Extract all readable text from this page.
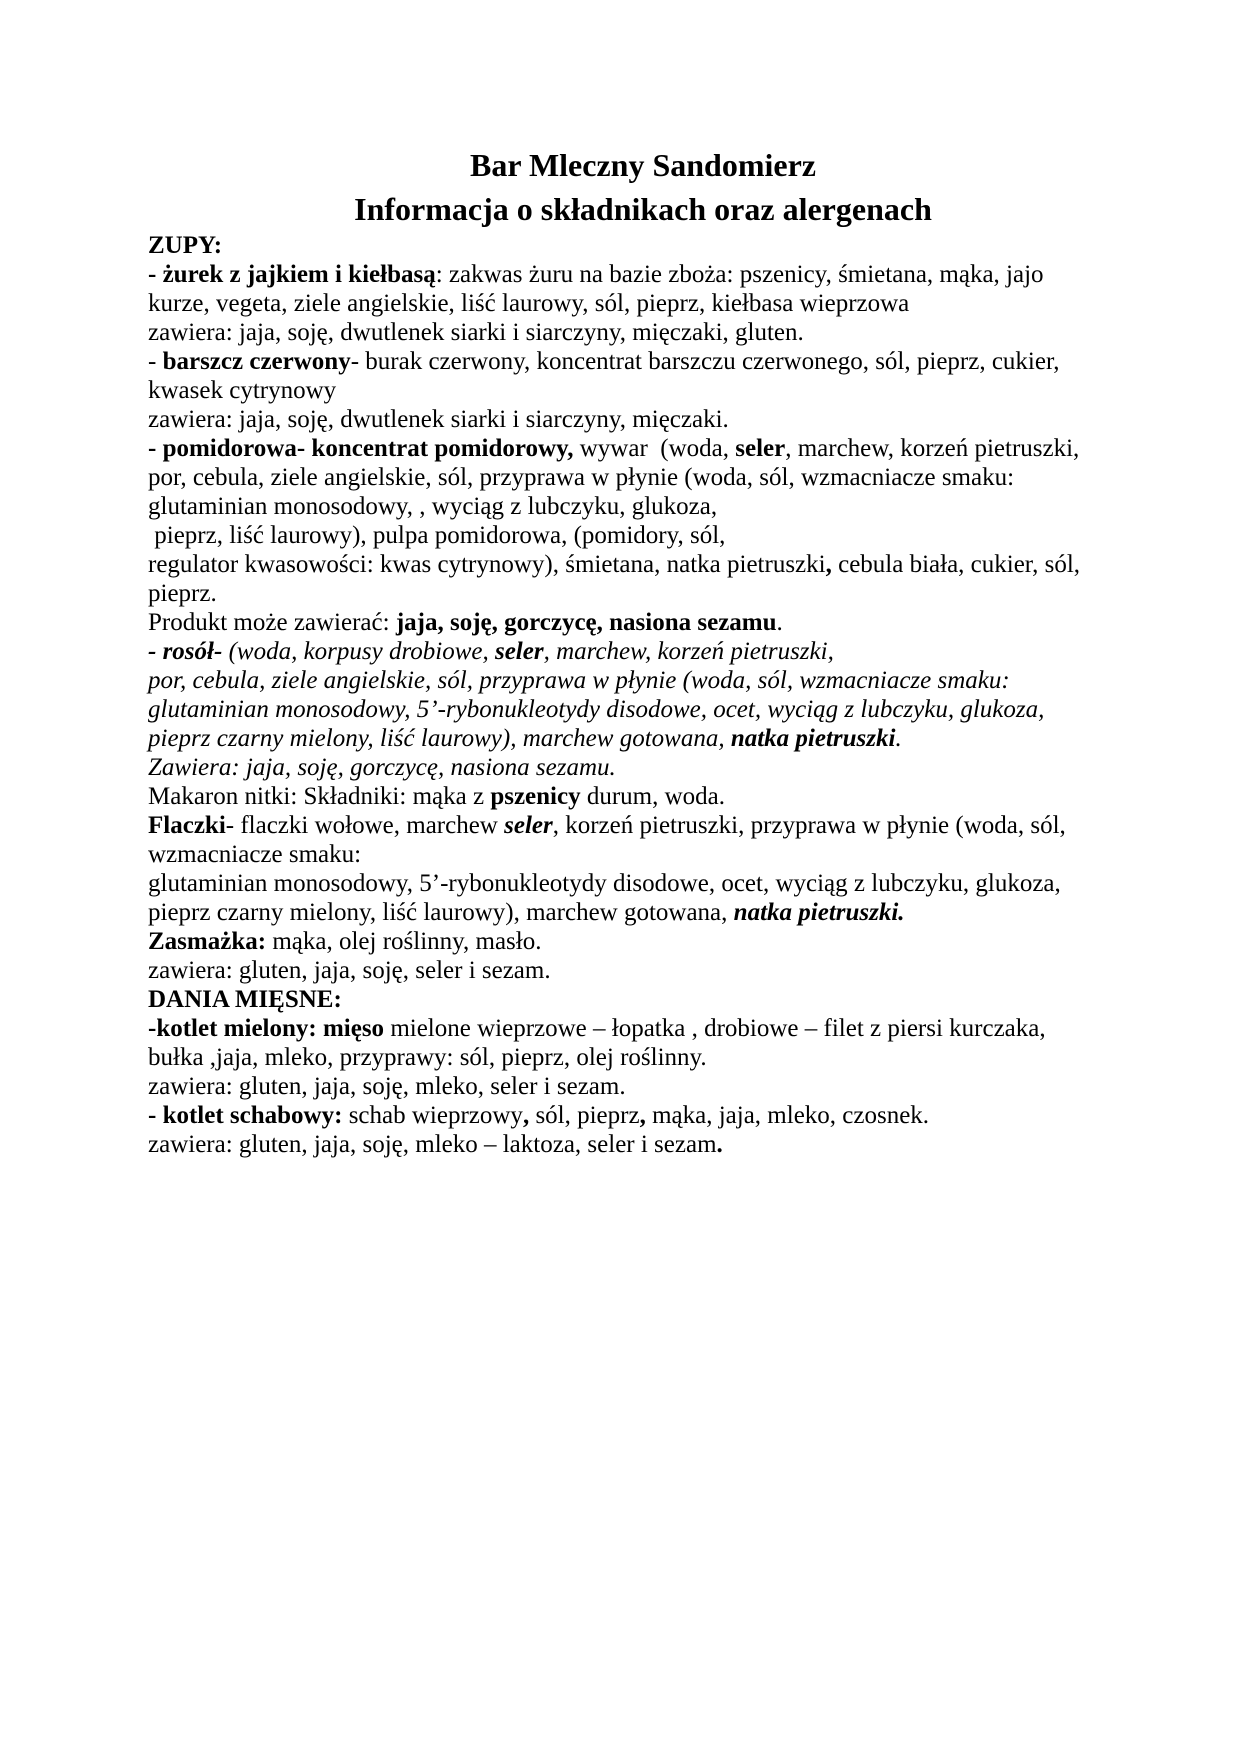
Bar Mleczny Sandomierz
Informacja o składnikach oraz alergenach
ZUPY:

- żurek z jajkiem i kiełbasą: zakwas żuru na bazie zboża: pszenicy, śmietana, mąka, jajo
kurze, vegeta, ziele angielskie, liść laurowy, sól, pieprz, kiełbasa wieprzowa

zawiera: jaja, soję, dwutlenek siarki i siarczyny, mięczaki, gluten.

- barszcz czerwony- burak czerwony, koncentrat barszczu czerwonego, sól, pieprz, cukier,
kwasek cytrynowy

zawiera: jaja, soję, dwutlenek siarki i siarczyny, mięczaki.

- pomidorowa- koncentrat pomidorowy, wywar  (woda, seler, marchew, korzeń pietruszki,
por, cebula, ziele angielskie, sól, przyprawa w płynie (woda, sól, wzmacniacze smaku:
glutaminian monosodowy, , wyciąg z lubczyku, glukoza,
pieprz, liść laurowy), pulpa pomidorowa, (pomidory, sól,
regulator kwasowości: kwas cytrynowy), śmietana, natka pietruszki, cebula biała, cukier, sól,
pieprz.
Produkt może zawierać: jaja, soję, gorczycę, nasiona sezamu.

- rosół- (woda, korpusy drobiowe, seler, marchew, korzeń pietruszki,
por, cebula, ziele angielskie, sól, przyprawa w płynie (woda, sól, wzmacniacze smaku:
glutaminian monosodowy, 5’-rybonukleotydy disodowe, ocet, wyciąg z lubczyku, glukoza,
pieprz czarny mielony, liść laurowy), marchew gotowana, natka pietruszki.
Zawiera: jaja, soję, gorczycę, nasiona sezamu.

Makaron nitki: Składniki: mąka z pszenicy durum, woda.

Flaczki- flaczki wołowe, marchew seler, korzeń pietruszki, przyprawa w płynie (woda, sól,
wzmacniacze smaku:
glutaminian monosodowy, 5’-rybonukleotydy disodowe, ocet, wyciąg z lubczyku, glukoza,
pieprz czarny mielony, liść laurowy), marchew gotowana, natka pietruszki.
Zasmażka: mąka, olej roślinny, masło.

zawiera: gluten, jaja, soję, seler i sezam.

DANIA MIĘSNE:

-kotlet mielony: mięso mielone wieprzowe – łopatka , drobiowe – filet z piersi kurczaka,
bułka ,jaja, mleko, przyprawy: sól, pieprz, olej roślinny.

zawiera: gluten, jaja, soję, mleko, seler i sezam.

- kotlet schabowy: schab wieprzowy, sól, pieprz, mąka, jaja, mleko, czosnek.

zawiera: gluten, jaja, soję, mleko – laktoza, seler i sezam.
